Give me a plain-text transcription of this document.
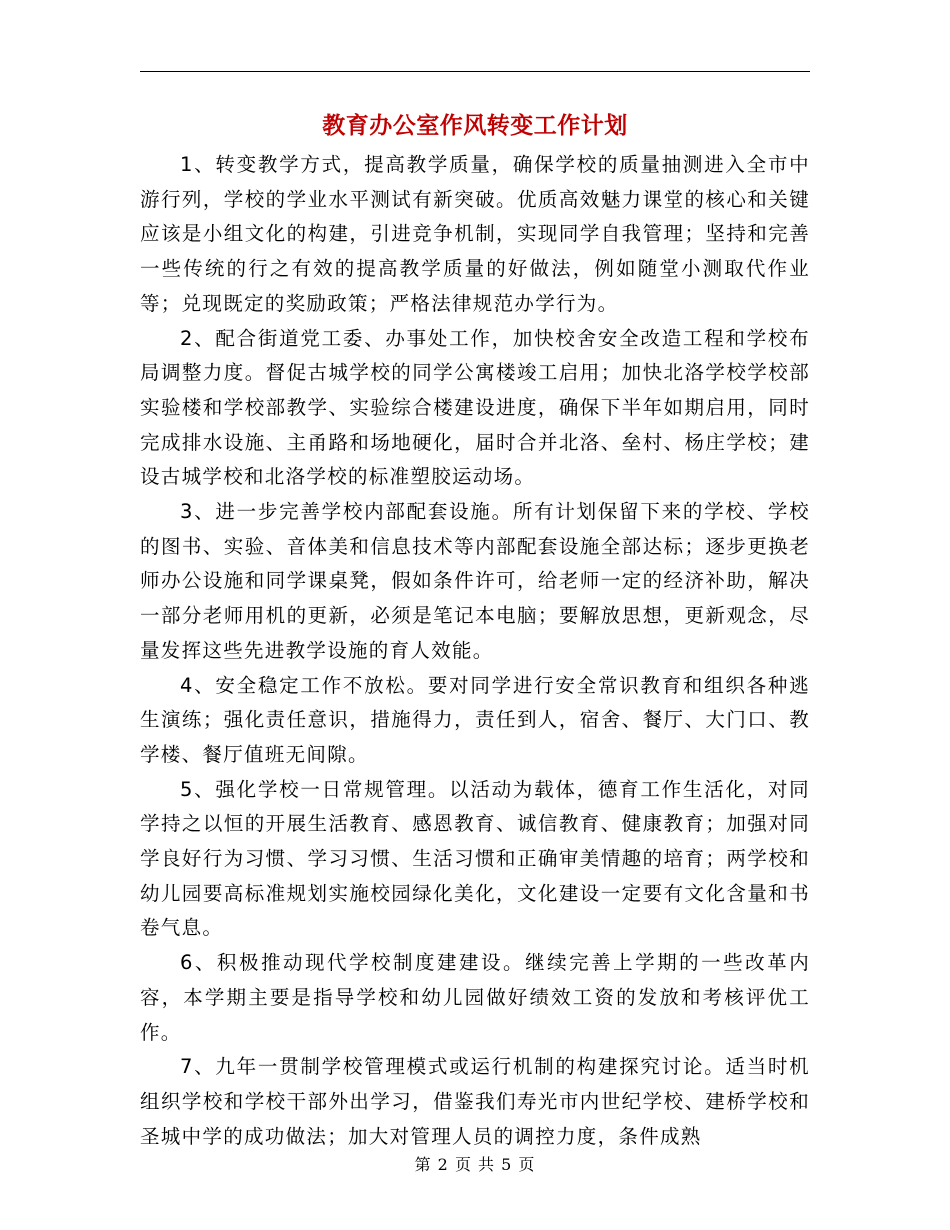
教育办公室作风转变工作计划

1、转变教学方式，提高教学质量，确保学校的质量抽测进入全市中游行列，学校的学业水平测试有新突破。优质高效魅力课堂的核心和关键应该是小组文化的构建，引进竞争机制，实现同学自我管理；坚持和完善一些传统的行之有效的提高教学质量的好做法，例如随堂小测取代作业等；兑现既定的奖励政策；严格法律规范办学行为。

2、配合街道党工委、办事处工作，加快校舍安全改造工程和学校布局调整力度。督促古城学校的同学公寓楼竣工启用；加快北洛学校学校部实验楼和学校部教学、实验综合楼建设进度，确保下半年如期启用，同时完成排水设施、主甬路和场地硬化，届时合并北洛、垒村、杨庄学校；建设古城学校和北洛学校的标准塑胶运动场。

3、进一步完善学校内部配套设施。所有计划保留下来的学校、学校的图书、实验、音体美和信息技术等内部配套设施全部达标；逐步更换老师办公设施和同学课桌凳，假如条件许可，给老师一定的经济补助，解决一部分老师用机的更新，必须是笔记本电脑；要解放思想，更新观念，尽量发挥这些先进教学设施的育人效能。

4、安全稳定工作不放松。要对同学进行安全常识教育和组织各种逃生演练；强化责任意识，措施得力，责任到人，宿舍、餐厅、大门口、教学楼、餐厅值班无间隙。

5、强化学校一日常规管理。以活动为载体，德育工作生活化，对同学持之以恒的开展生活教育、感恩教育、诚信教育、健康教育；加强对同学良好行为习惯、学习习惯、生活习惯和正确审美情趣的培育；两学校和幼儿园要高标准规划实施校园绿化美化，文化建设一定要有文化含量和书卷气息。

6、积极推动现代学校制度建建设。继续完善上学期的一些改革内容，本学期主要是指导学校和幼儿园做好绩效工资的发放和考核评优工作。

7、九年一贯制学校管理模式或运行机制的构建探究讨论。适当时机组织学校和学校干部外出学习，借鉴我们寿光市内世纪学校、建桥学校和圣城中学的成功做法；加大对管理人员的调控力度，条件成熟

第 2 页 共 5 页
